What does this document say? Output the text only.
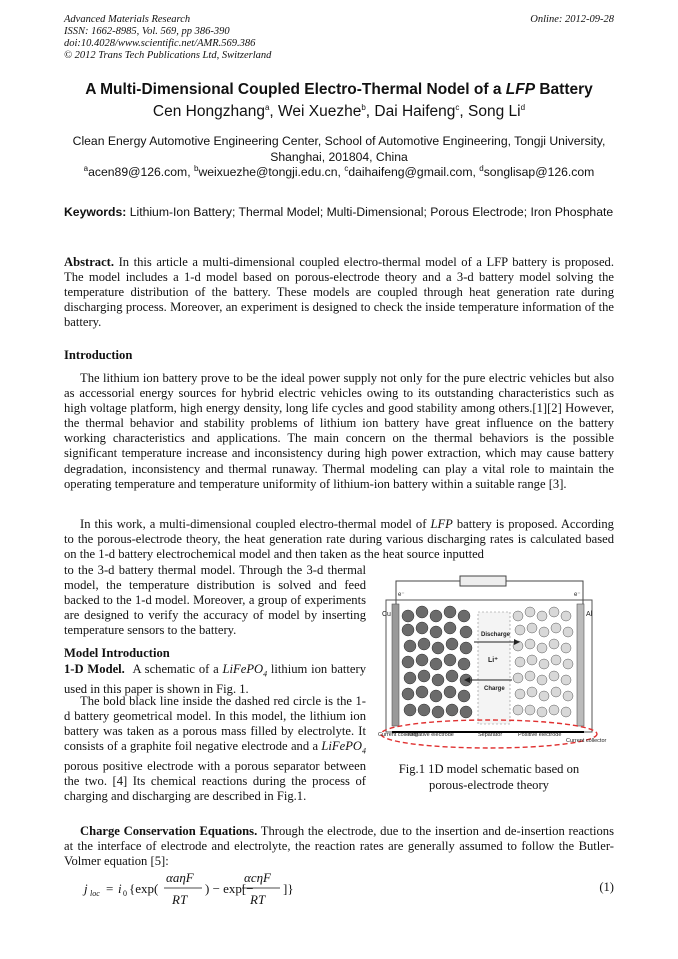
Advanced Materials Research
ISSN: 1662-8985, Vol. 569, pp 386-390
doi:10.4028/www.scientific.net/AMR.569.386
© 2012 Trans Tech Publications Ltd, Switzerland
Online: 2012-09-28
A Multi-Dimensional Coupled Electro-Thermal Nodel of a LFP Battery
Cen Hongzhang$^a$, Wei Xuezhe$^b$, Dai Haifeng$^c$, Song Li$^d$
Clean Energy Automotive Engineering Center, School of Automotive Engineering, Tongji University, Shanghai, 201804, China
$^a$acen89@126.com, $^b$weixuezhe@tongji.edu.cn, $^c$daihaifeng@gmail.com, $^d$songlisap@126.com
Keywords: Lithium-Ion Battery; Thermal Model; Multi-Dimensional; Porous Electrode; Iron Phosphate
Abstract. In this article a multi-dimensional coupled electro-thermal model of a LFP battery is proposed. The model includes a 1-d model based on porous-electrode theory and a 3-d battery model solving the temperature distribution of the battery. These models are coupled through heat generation rate during discharging process. Moreover, an experiment is designed to check the inside temperature information of the battery.
Introduction
The lithium ion battery prove to be the ideal power supply not only for the pure electric vehicles but also as accessorial energy sources for hybrid electric vehicles owing to its outstanding characteristics such as high voltage platform, high energy density, long life cycles and good stability among others.[1][2] However, the thermal behavior and stability problems of lithium ion battery have great influence on the battery working characteristics and applications. The main concern on the thermal behaviors is the possible significant temperature increase and inconsistency during high power extraction, which may cause battery degradation, inconsistency and thermal runaway. Thermal modeling can play a vital role to maintain the operating temperature and temperature uniformity of lithium-ion battery within a suitable range [3].
In this work, a multi-dimensional coupled electro-thermal model of LFP battery is proposed. According to the porous-electrode theory, the heat generation rate during various discharging rates is calculated based on the 1-d battery electrochemical model and then taken as the heat source inputted
to the 3-d battery thermal model. Through the 3-d thermal model, the temperature distribution is solved and feed backed to the 1-d model. Moreover, a group of experiments are designed to verify the accuracy of model by inserting temperature sensors to the battery.
Model Introduction
1-D Model. A schematic of a LiFePO$_4$ lithium ion battery used in this paper is shown in Fig. 1.
The bold black line inside the dashed red circle is the 1-d battery geometrical model. In this model, the lithium ion battery was taken as a porous mass filled by electrolyte. It consists of a graphite foil negative electrode and a LiFePO$_4$ porous positive electrode with a porous separator between the two. [4] Its chemical reactions during the process of charging and discharging are described in Fig.1.
Charge Conservation Equations. Through the electrode, due to the insertion and de-insertion reactions at the interface of electrode and electrolyte, the reaction rates are generally assumed to follow the Butler-Volmer equation [5]:
Cu	Al
e⁻	e⁻
Discharge
Li⁺
Charge
Current collector
Negative electrode	Separator	Positive electrode
Current collector
Fig.1 1D model schematic based on porous-electrode theory
j loc = i 0 {exp(
αaηF
RT
) − exp[−
αcηF
RT
]}	(1)
